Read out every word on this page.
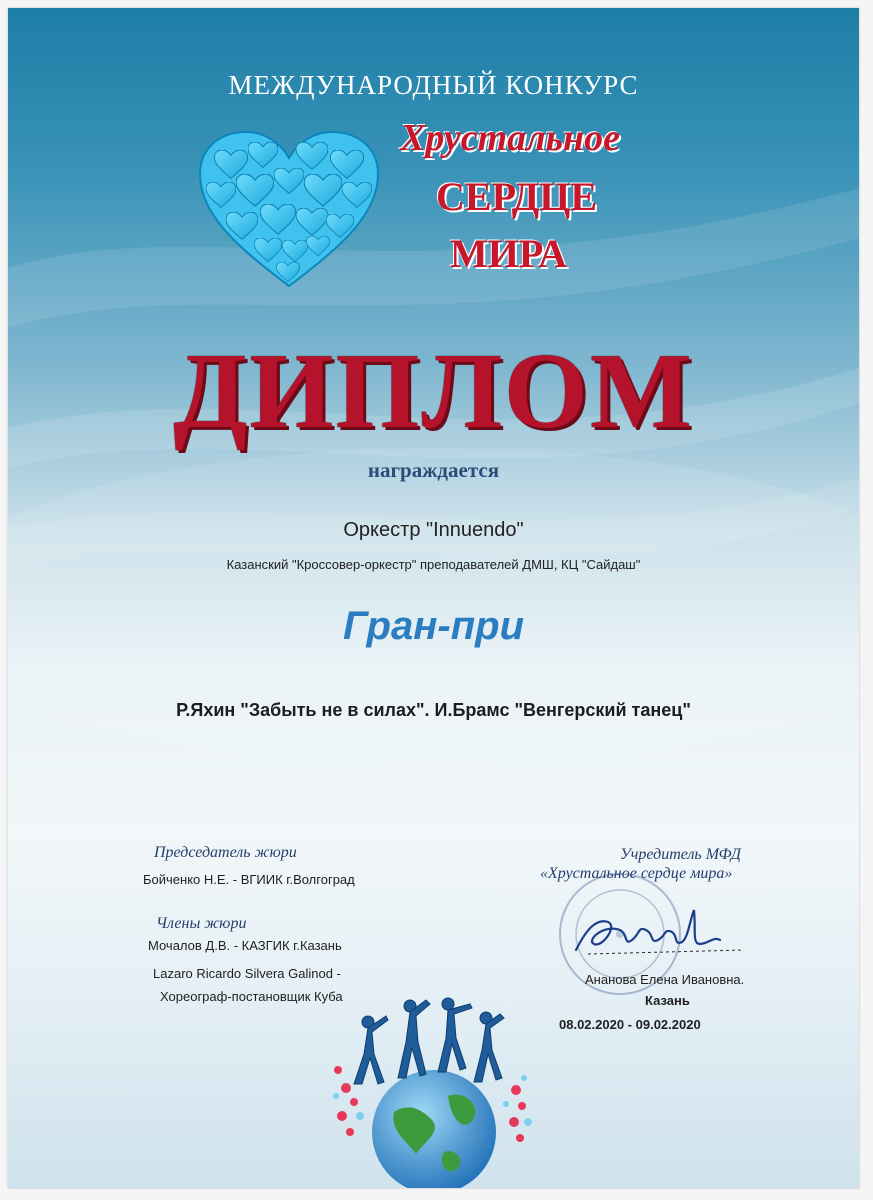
МЕЖДУНАРОДНЫЙ КОНКУРС
Хрустальное
СЕРДЦЕ
МИРА
ДИПЛОМ
награждается
Оркестр "Innuendo"
Казанский "Кроссовер-оркестр" преподавателей ДМШ, КЦ "Сайдаш"
Гран-при
Р.Яхин "Забыть не в силах". И.Брамс "Венгерский танец"
Председатель жюри
Бойченко Н.Е. - ВГИИК г.Волгоград
Члены жюри
Мочалов Д.В. - КАЗГИК г.Казань
Lazaro Ricardo Silvera Galinod -
Хореограф-постановщик Куба
Учредитель МФД
«Хрустальное сердце мира»
Ананова Елена Ивановна.
Казань
08.02.2020 - 09.02.2020
